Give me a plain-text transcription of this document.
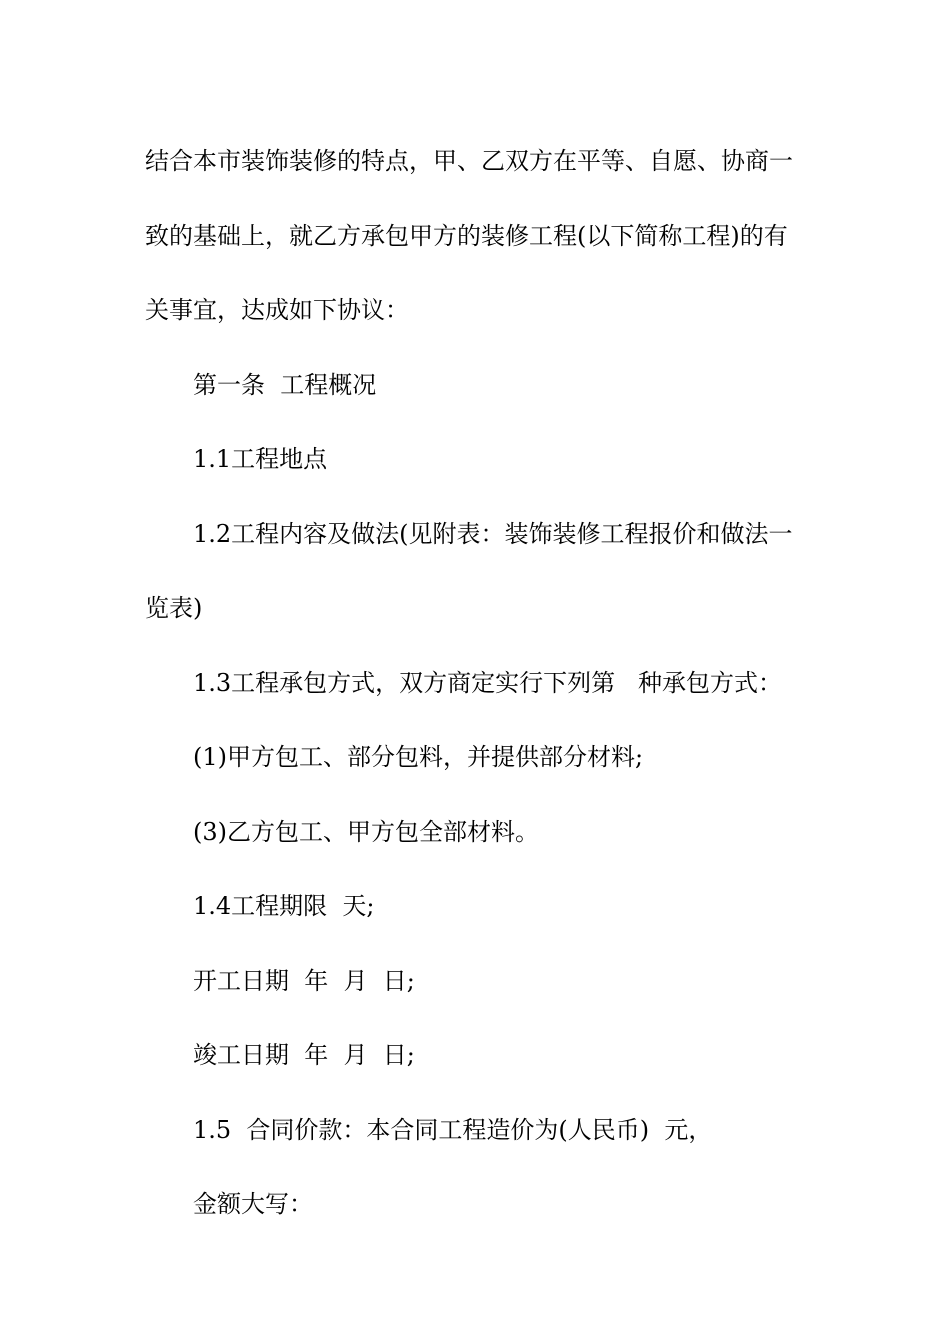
结合本市装饰装修的特点，甲、乙双方在平等、自愿、协商一
致的基础上，就乙方承包甲方的装修工程(以下简称工程)的有
关事宜，达成如下协议：
第一条  工程概况
1.1工程地点
1.2工程内容及做法(见附表：装饰装修工程报价和做法一
览表)
1.3工程承包方式，双方商定实行下列第   种承包方式：
(1)甲方包工、部分包料，并提供部分材料;
(3)乙方包工、甲方包全部材料。
1.4工程期限  天;
开工日期  年  月  日;
竣工日期  年  月  日;
1.5  合同价款：本合同工程造价为(人民币)  元，
金额大写：
